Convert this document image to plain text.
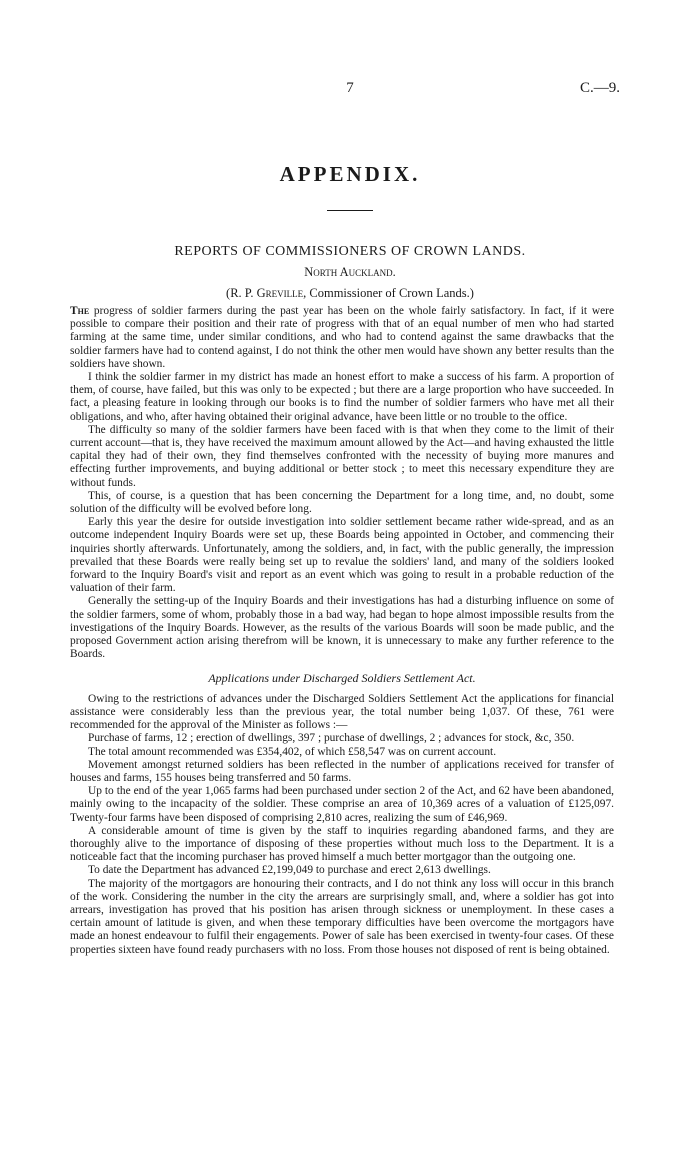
7	C.—9.
APPENDIX.
REPORTS OF COMMISSIONERS OF CROWN LANDS.
North Auckland.
(R. P. Greville, Commissioner of Crown Lands.)

The progress of soldier farmers during the past year has been on the whole fairly satisfactory. In fact, if it were possible to compare their position and their rate of progress with that of an equal number of men who had started farming at the same time, under similar conditions, and who had to contend against the same drawbacks that the soldier farmers have had to contend against, I do not think the other men would have shown any better results than the soldiers have shown.

I think the soldier farmer in my district has made an honest effort to make a success of his farm. A proportion of them, of course, have failed, but this was only to be expected ; but there are a large proportion who have succeeded. In fact, a pleasing feature in looking through our books is to find the number of soldier farmers who have met all their obligations, and who, after having obtained their original advance, have been little or no trouble to the office.

The difficulty so many of the soldier farmers have been faced with is that when they come to the limit of their current account—that is, they have received the maximum amount allowed by the Act—and having exhausted the little capital they had of their own, they find themselves confronted with the necessity of buying more manures and effecting further improvements, and buying additional or better stock ; to meet this necessary expenditure they are without funds.

This, of course, is a question that has been concerning the Department for a long time, and, no doubt, some solution of the difficulty will be evolved before long.

Early this year the desire for outside investigation into soldier settlement became rather wide-spread, and as an outcome independent Inquiry Boards were set up, these Boards being appointed in October, and commencing their inquiries shortly afterwards. Unfortunately, among the soldiers, and, in fact, with the public generally, the impression prevailed that these Boards were really being set up to revalue the soldiers' land, and many of the soldiers looked forward to the Inquiry Board's visit and report as an event which was going to result in a probable reduction of the valuation of their farm.

Generally the setting-up of the Inquiry Boards and their investigations has had a disturbing influence on some of the soldier farmers, some of whom, probably those in a bad way, had began to hope almost impossible results from the investigations of the Inquiry Boards. However, as the results of the various Boards will soon be made public, and the proposed Government action arising therefrom will be known, it is unnecessary to make any further reference to the Boards.

Applications under Discharged Soldiers Settlement Act.

Owing to the restrictions of advances under the Discharged Soldiers Settlement Act the applications for financial assistance were considerably less than the previous year, the total number being 1,037. Of these, 761 were recommended for the approval of the Minister as follows :—

Purchase of farms, 12 ; erection of dwellings, 397 ; purchase of dwellings, 2 ; advances for stock, &c, 350.

The total amount recommended was £354,402, of which £58,547 was on current account.

Movement amongst returned soldiers has been reflected in the number of applications received for transfer of houses and farms, 155 houses being transferred and 50 farms.

Up to the end of the year 1,065 farms had been purchased under section 2 of the Act, and 62 have been abandoned, mainly owing to the incapacity of the soldier. These comprise an area of 10,369 acres of a valuation of £125,097. Twenty-four farms have been disposed of comprising 2,810 acres, realizing the sum of £46,969.

A considerable amount of time is given by the staff to inquiries regarding abandoned farms, and they are thoroughly alive to the importance of disposing of these properties without much loss to the Department. It is a noticeable fact that the incoming purchaser has proved himself a much better mortgagor than the outgoing one.

To date the Department has advanced £2,199,049 to purchase and erect 2,613 dwellings.

The majority of the mortgagors are honouring their contracts, and I do not think any loss will occur in this branch of the work. Considering the number in the city the arrears are surprisingly small, and, where a soldier has got into arrears, investigation has proved that his position has arisen through sickness or unemployment. In these cases a certain amount of latitude is given, and when these temporary difficulties have been overcome the mortgagors have made an honest endeavour to fulfil their engagements. Power of sale has been exercised in twenty-four cases. Of these properties sixteen have found ready purchasers with no loss. From those houses not disposed of rent is being obtained.
